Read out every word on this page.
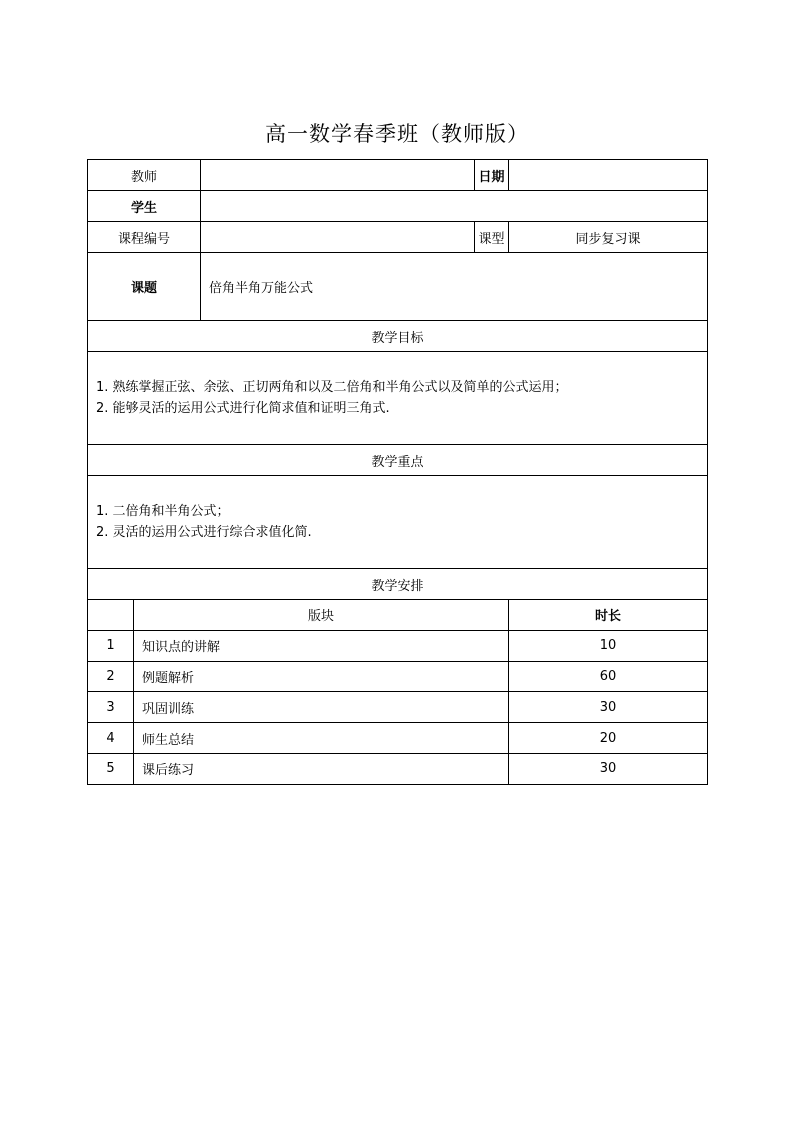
高一数学春季班（教师版）
教师			日期	
学生				
课程编号			课型	同步复习课
课题		倍角半角万能公式		
教学目标				

1. 熟练掌握正弦、余弦、正切两角和以及二倍角和半角公式以及简单的公式运用；
2. 能够灵活的运用公式进行化简求值和证明三角式.				

教学重点				

1. 二倍角和半角公式；
2. 灵活的运用公式进行综合求值化简.				

教学安排				
	版块			时长
1	知识点的讲解			10
2	例题解析			60
3	巩固训练			30
4	师生总结			20
5	课后练习			30
